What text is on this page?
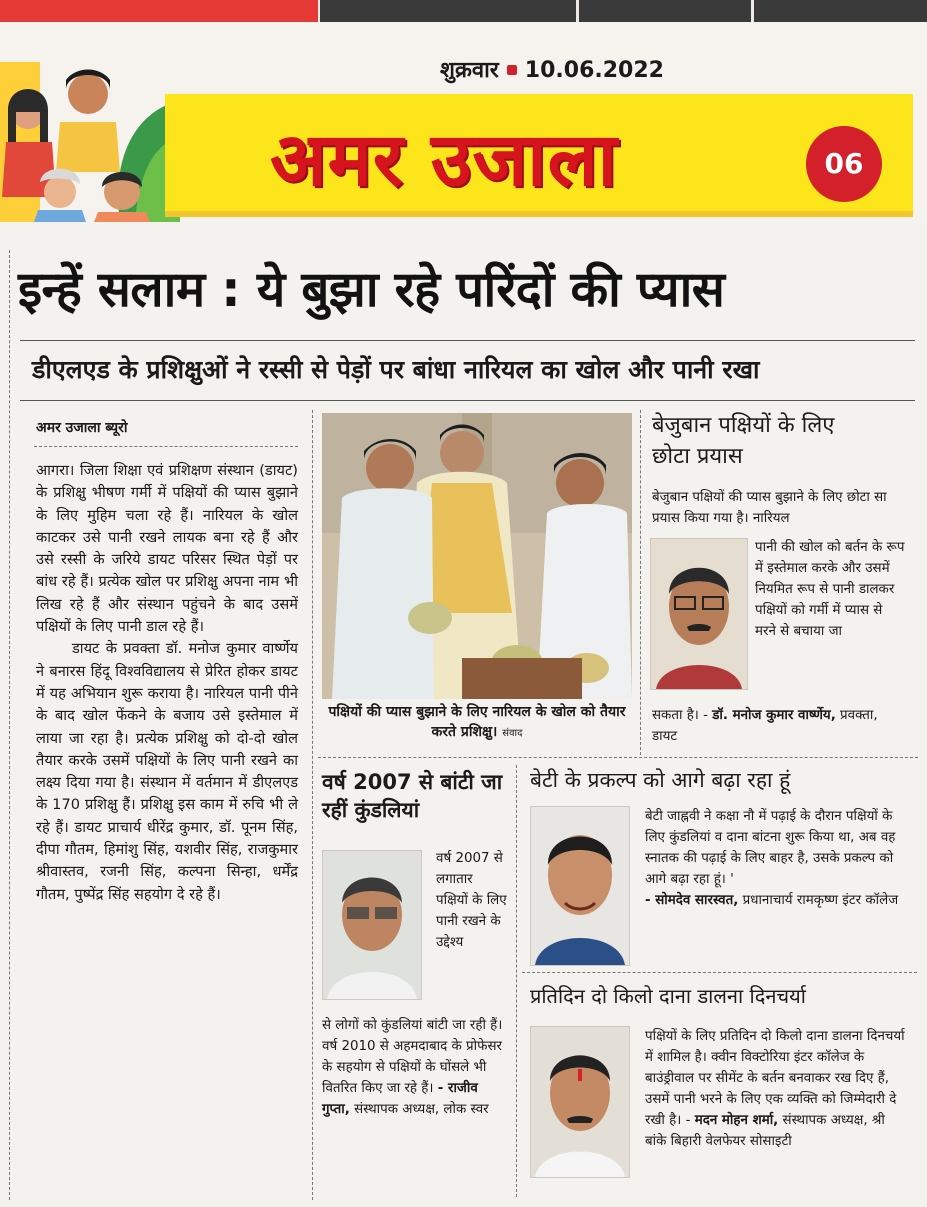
शुक्रवार 10.06.2022
अमर उजाला	06
इन्हें सलाम : ये बुझा रहे परिंदों की प्यास
डीएलएड के प्रशिक्षुओं ने रस्सी से पेड़ों पर बांधा नारियल का खोल और पानी रखा
अमर उजाला ब्यूरो

आगरा। जिला शिक्षा एवं प्रशिक्षण संस्थान (डायट) के प्रशिक्षु भीषण गर्मी में पक्षियों की प्यास बुझाने के लिए मुहिम चला रहे हैं। नारियल के खोल काटकर उसे पानी रखने लायक बना रहे हैं और उसे रस्सी के जरिये डायट परिसर स्थित पेड़ों पर बांध रहे हैं। प्रत्येक खोल पर प्रशिक्षु अपना नाम भी लिख रहे हैं और संस्थान पहुंचने के बाद उसमें पक्षियों के लिए पानी डाल रहे हैं।

डायट के प्रवक्ता डॉ. मनोज कुमार वार्ष्णेय ने बनारस हिंदू विश्वविद्यालय से प्रेरित होकर डायट में यह अभियान शुरू कराया है। नारियल पानी पीने के बाद खोल फेंकने के बजाय उसे इस्तेमाल में लाया जा रहा है। प्रत्येक प्रशिक्षु को दो-दो खोल तैयार करके उसमें पक्षियों के लिए पानी रखने का लक्ष्य दिया गया है। संस्थान में वर्तमान में डीएलएड के 170 प्रशिक्षु हैं। प्रशिक्षु इस काम में रुचि भी ले रहे हैं। डायट प्राचार्य धीरेंद्र कुमार, डॉ. पूनम सिंह, दीपा गौतम, हिमांशु सिंह, यशवीर सिंह, राजकुमार श्रीवास्तव, रजनी सिंह, कल्पना सिन्हा, धर्मेंद्र गौतम, पुष्पेंद्र सिंह सहयोग दे रहे हैं।

पक्षियों की प्यास बुझाने के लिए नारियल के खोल को तैयार करते प्रशिक्षु। संवाद
बेजुबान पक्षियों के लिए छोटा प्रयास
बेजुबान पक्षियों की प्यास बुझाने के लिए छोटा सा प्रयास किया गया है। नारियल
पानी की खोल को बर्तन के रूप में इस्तेमाल करके और उसमें नियमित रूप से पानी डालकर पक्षियों को गर्मी में प्यास से मरने से बचाया जा
सकता है। - डॉ. मनोज कुमार वार्ष्णेय, प्रवक्ता, डायट
वर्ष 2007 से बांटी जा रहीं कुंडलियां
वर्ष 2007 से लगातार पक्षियों के लिए पानी रखने के उद्देश्य
से लोगों को कुंडलियां बांटी जा रही हैं। वर्ष 2010 से अहमदाबाद के प्रोफेसर के सहयोग से पक्षियों के घोंसले भी वितरित किए जा रहे हैं। - राजीव गुप्ता, संस्थापक अध्यक्ष, लोक स्वर
बेटी के प्रकल्प को आगे बढ़ा रहा हूं
बेटी जाह्नवी ने कक्षा नौ में पढ़ाई के दौरान पक्षियों के लिए कुंडलियां व दाना बांटना शुरू किया था, अब वह स्नातक की पढ़ाई के लिए बाहर है, उसके प्रकल्प को आगे बढ़ा रहा हूं। '
- सोमदेव सारस्वत, प्रधानाचार्य रामकृष्ण इंटर कॉलेज
प्रतिदिन दो किलो दाना डालना दिनचर्या
पक्षियों के लिए प्रतिदिन दो किलो दाना डालना दिनचर्या में शामिल है। क्वीन विक्टोरिया इंटर कॉलेज के बाउंड्रीवाल पर सीमेंट के बर्तन बनवाकर रख दिए हैं, उसमें पानी भरने के लिए एक व्यक्ति को जिम्मेदारी दे रखी है। - मदन मोहन शर्मा, संस्थापक अध्यक्ष, श्री बांके बिहारी वेलफेयर सोसाइटी
